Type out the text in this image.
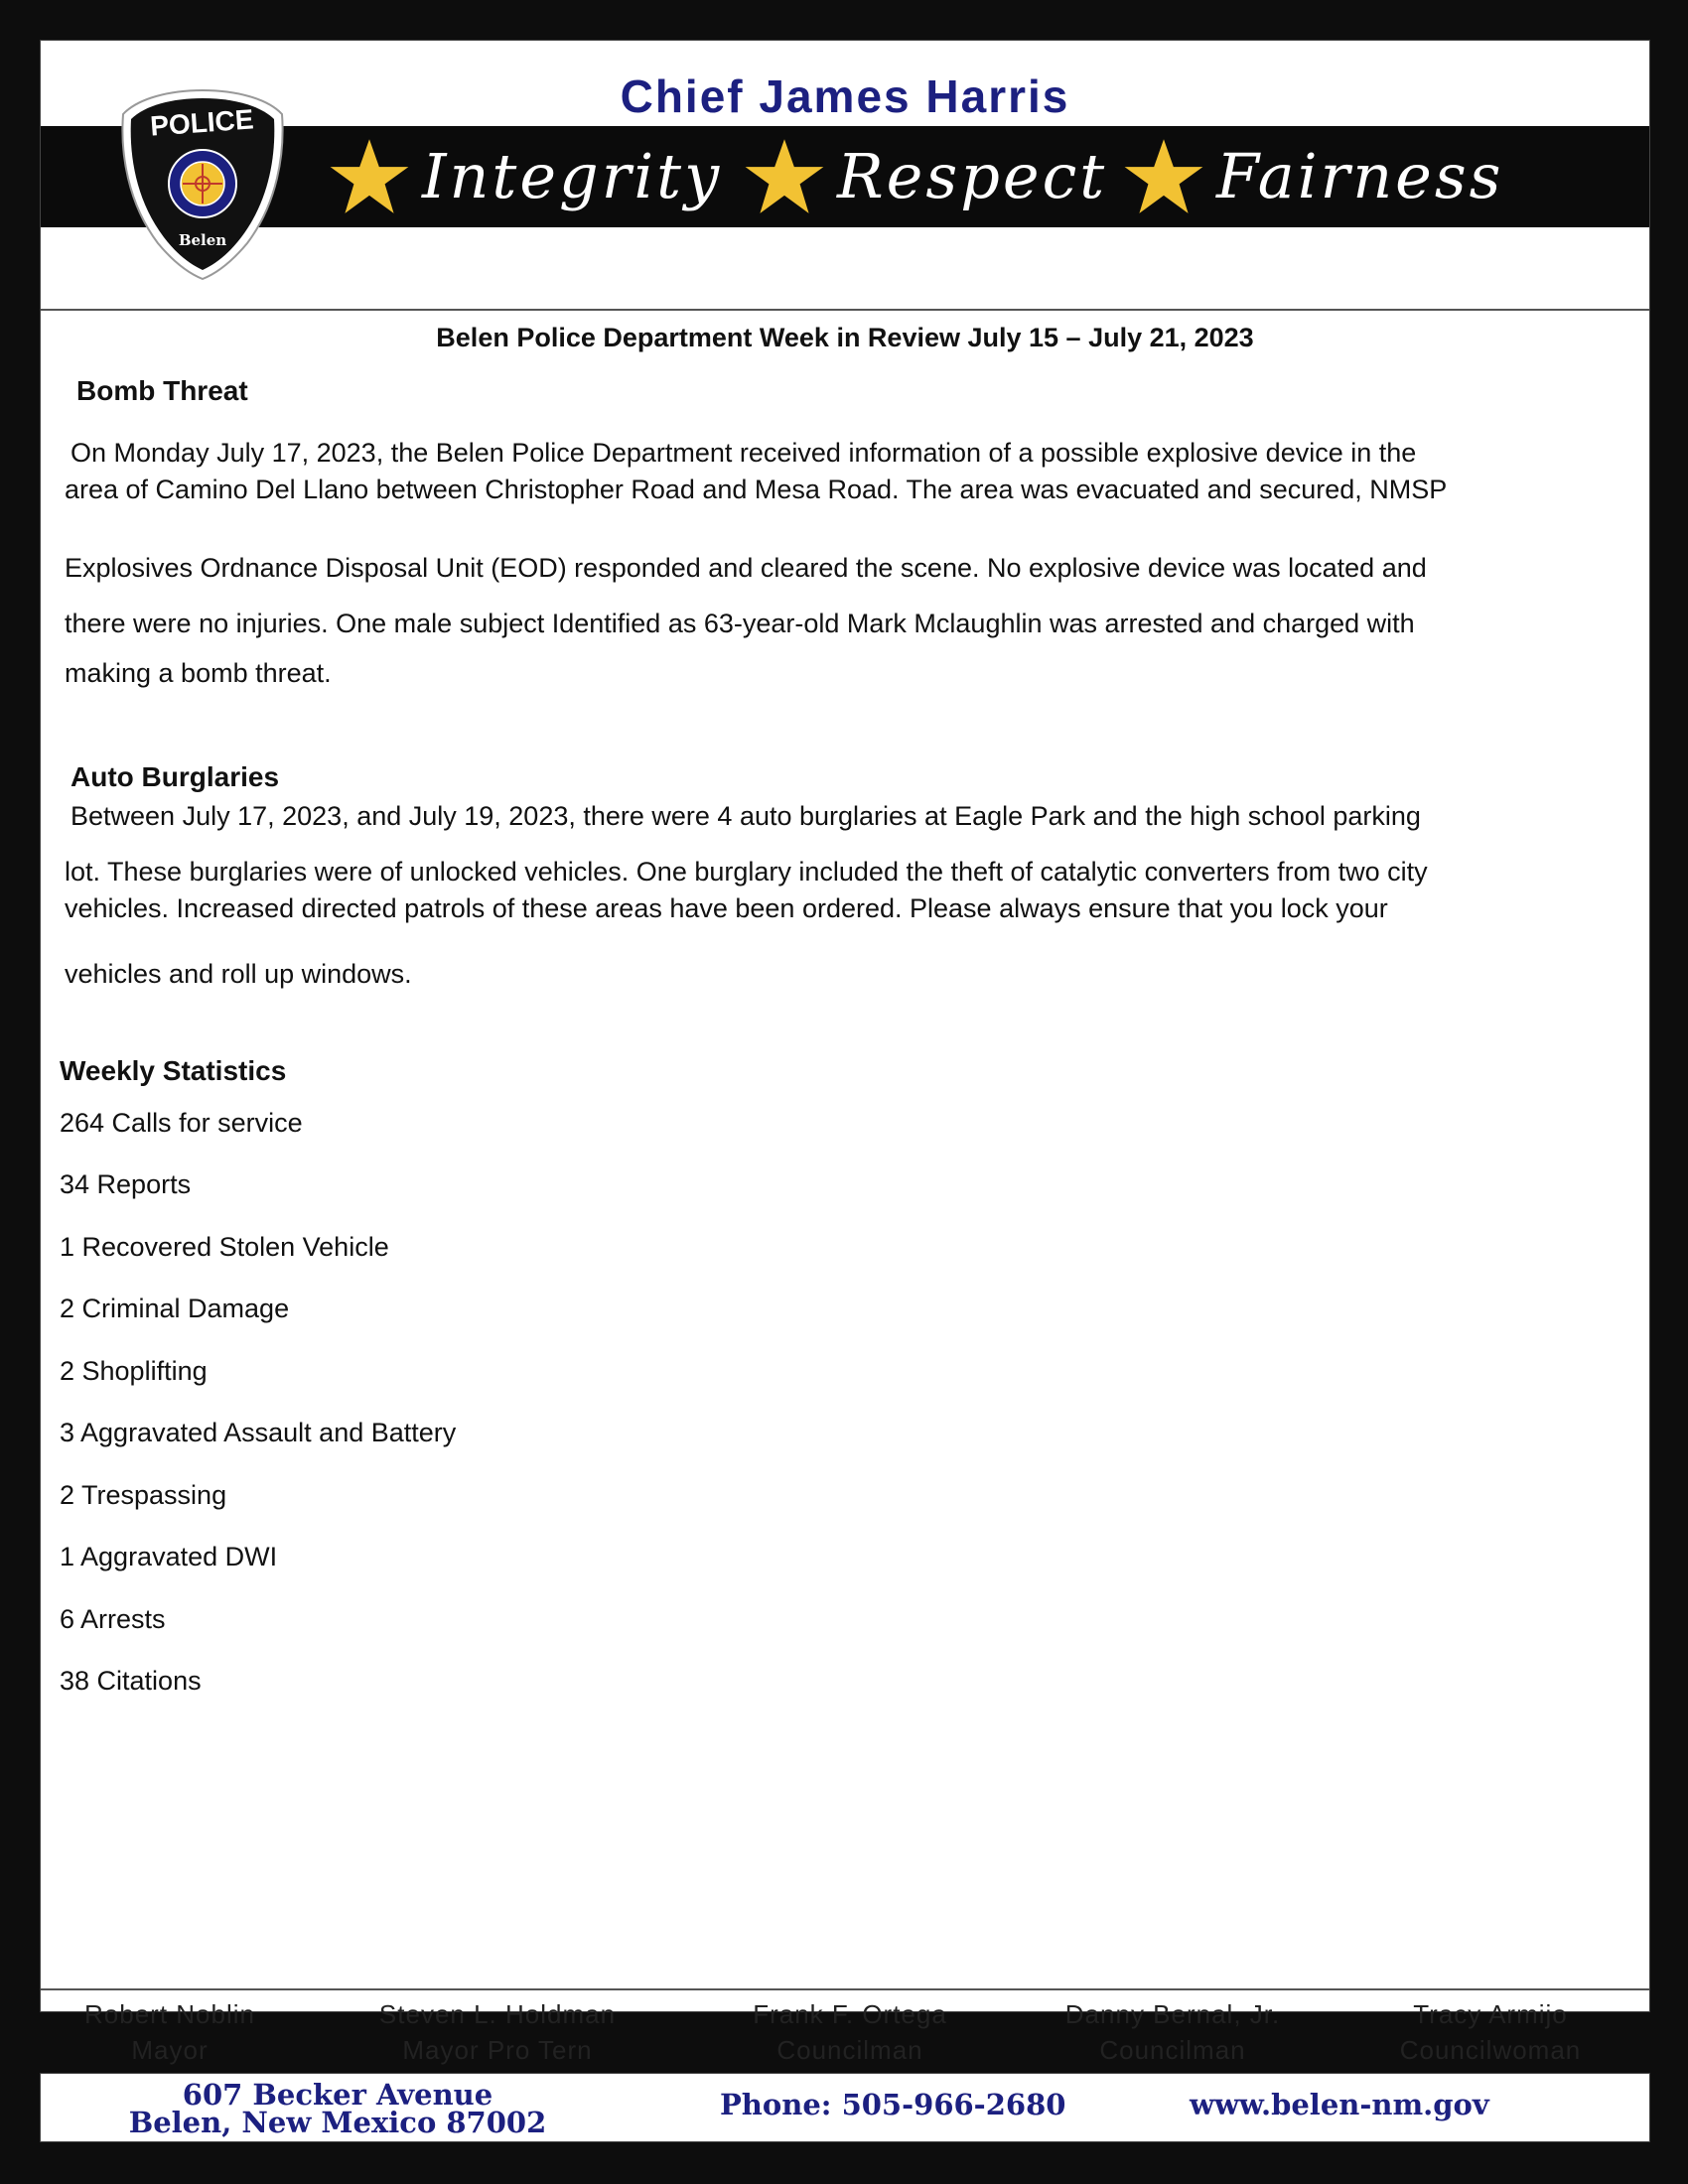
Chief James Harris
Integrity Respect Fairness
POLICE
Belen
Belen Police Department Week in Review July 15 – July 21, 2023
Bomb Threat
On Monday July 17, 2023, the Belen Police Department received information of a possible explosive device in the
area of Camino Del Llano between Christopher Road and Mesa Road. The area was evacuated and secured, NMSP
Explosives Ordnance Disposal Unit (EOD) responded and cleared the scene. No explosive device was located and
there were no injuries. One male subject Identified as 63-year-old Mark Mclaughlin was arrested and charged with
making a bomb threat.
Auto Burglaries
Between July 17, 2023, and July 19, 2023, there were 4 auto burglaries at Eagle Park and the high school parking
lot. These burglaries were of unlocked vehicles. One burglary included the theft of catalytic converters from two city
vehicles. Increased directed patrols of these areas have been ordered. Please always ensure that you lock your
vehicles and roll up windows.
Weekly Statistics
264 Calls for service
34 Reports
1 Recovered Stolen Vehicle
2 Criminal Damage
2 Shoplifting
3 Aggravated Assault and Battery
2 Trespassing
1 Aggravated DWI
6 Arrests
38 Citations
Robert Noblin
Mayor
Steven L. Holdman
Mayor Pro Tern
Frank F. Ortega
Councilman
Danny Bernal, Jr.
Councilman
Tracy Armijo
Councilwoman
607 Becker Avenue
Belen, New Mexico 87002
Phone: 505-966-2680	www.belen-nm.gov
